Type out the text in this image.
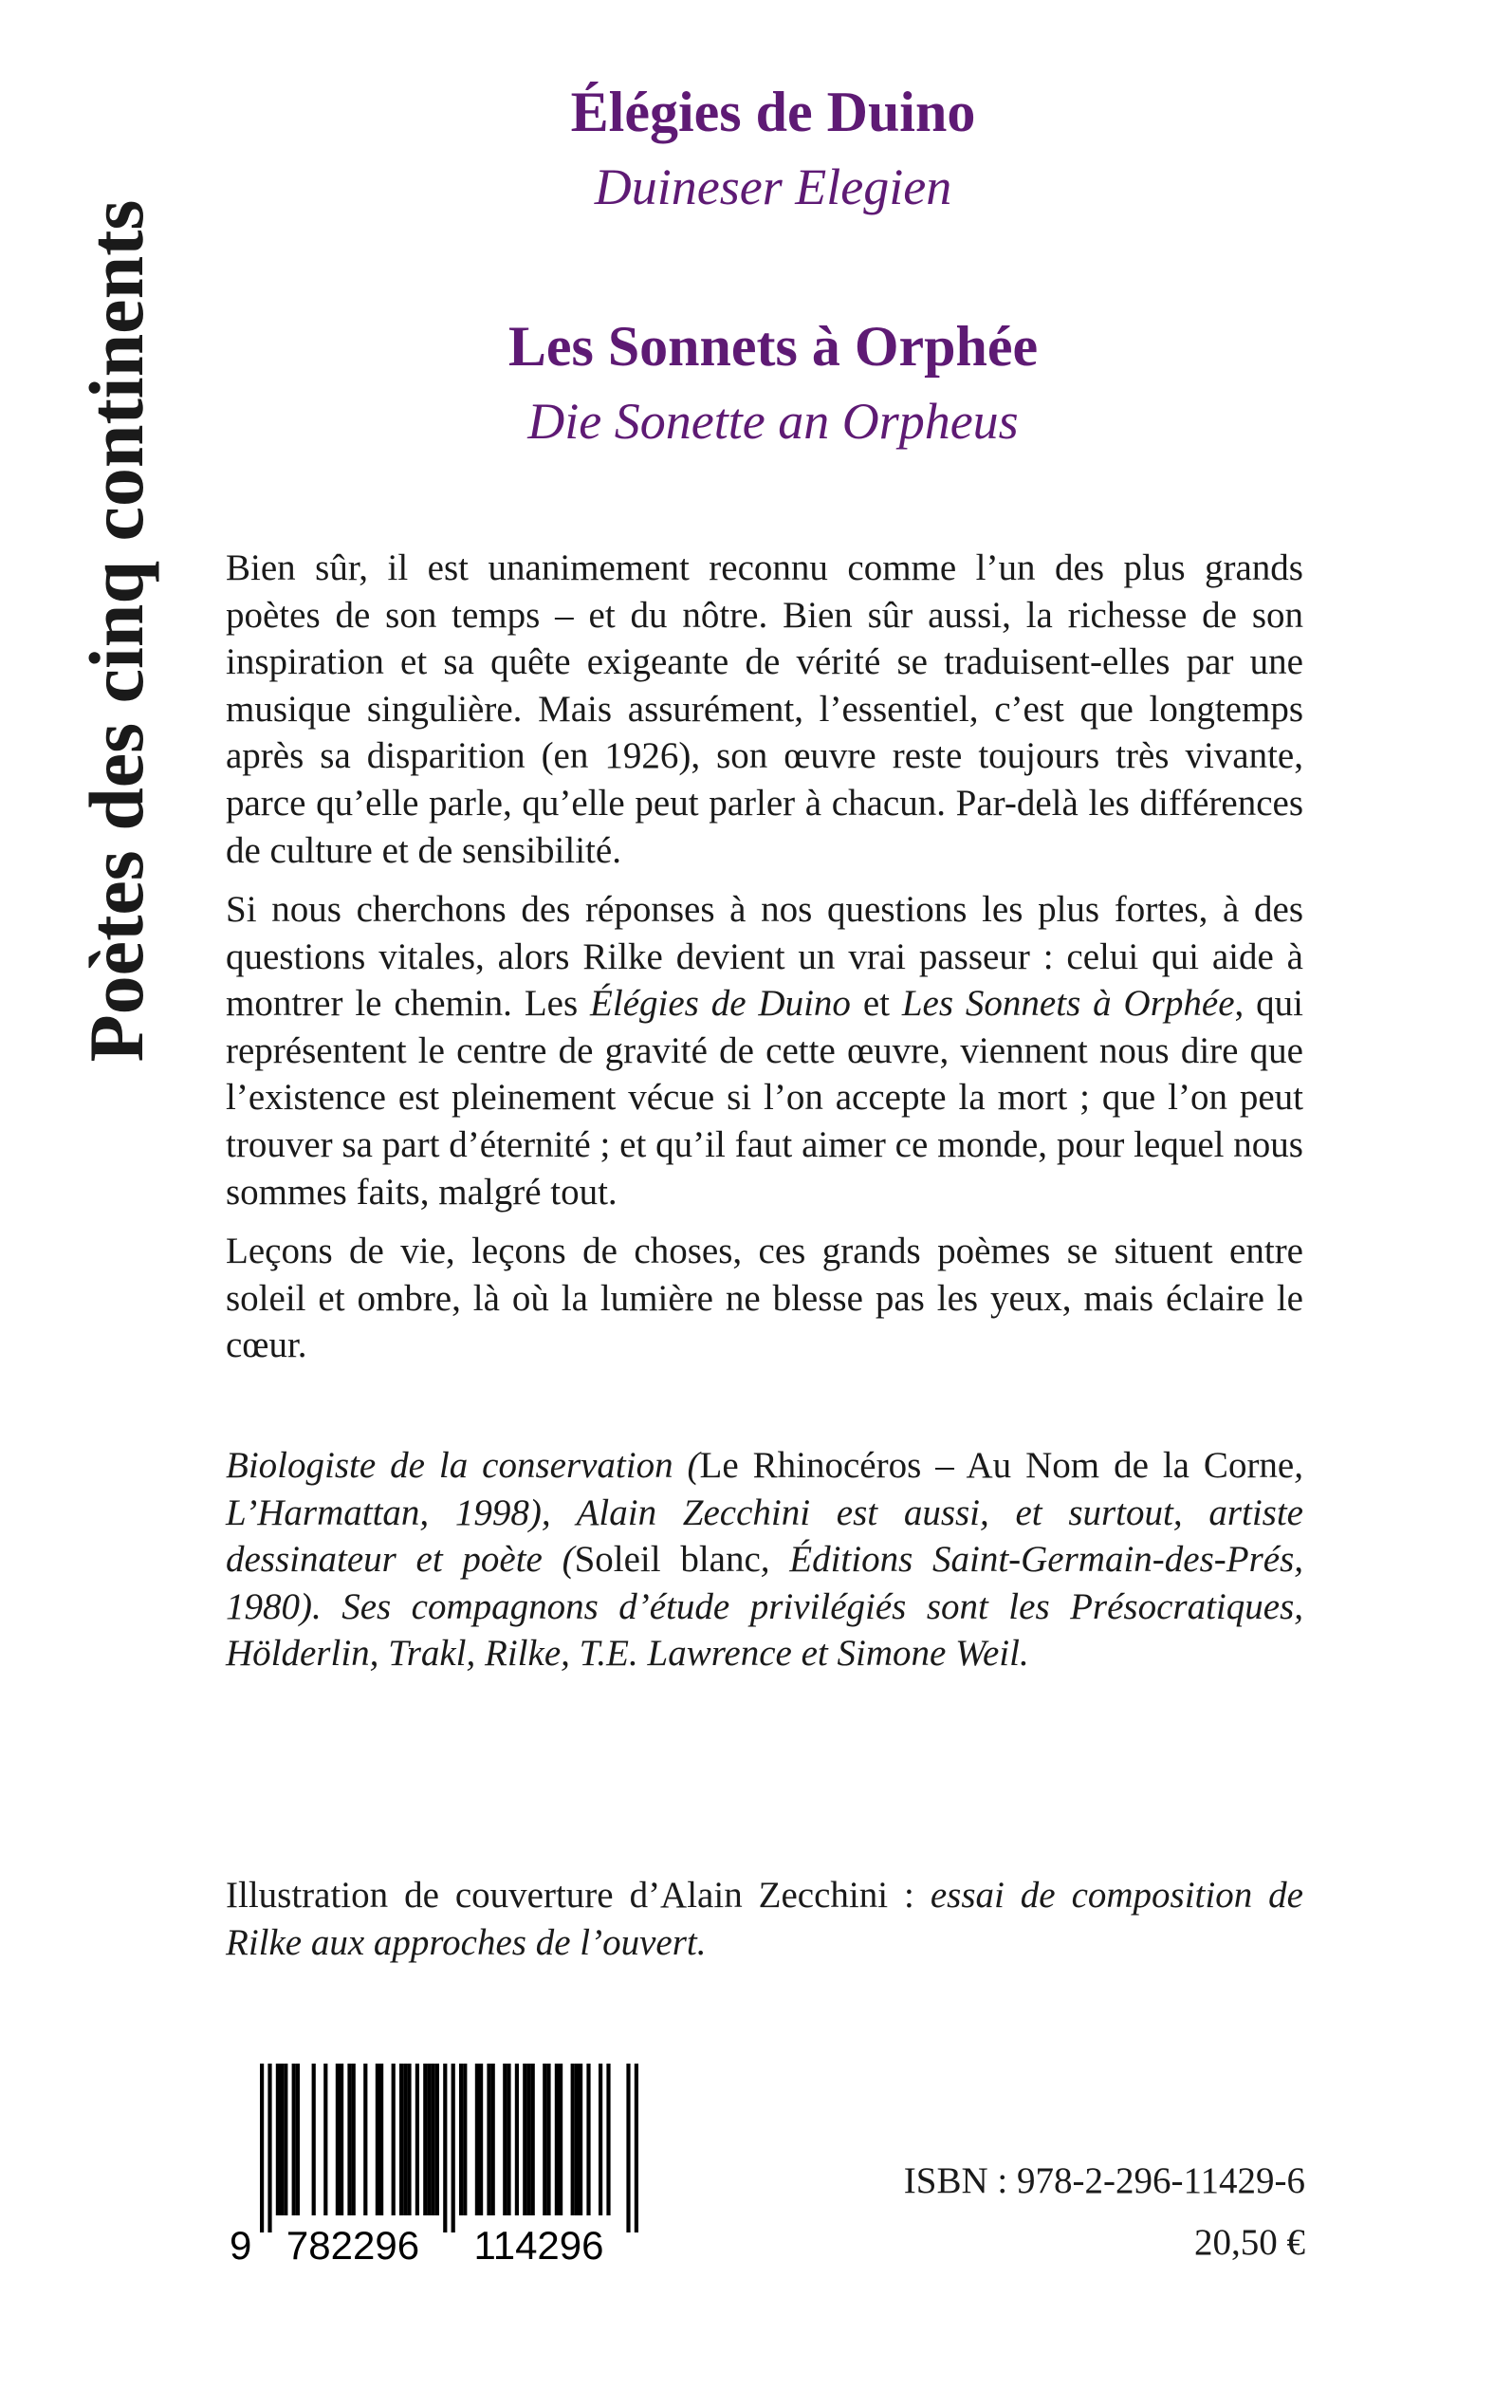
Poètes des cinq continents
Élégies de Duino
Duineser Elegien
Les Sonnets à Orphée
Die Sonette an Orpheus
Bien sûr, il est unanimement reconnu comme l’un des plus grands poètes de son temps – et du nôtre. Bien sûr aussi, la richesse de son inspiration et sa quête exigeante de vérité se traduisent-elles par une musique singulière. Mais assurément, l’essentiel, c’est que longtemps après sa disparition (en 1926), son œuvre reste toujours très vivante, parce qu’elle parle, qu’elle peut parler à chacun. Par-delà les différences de culture et de sensibilité.
Si nous cherchons des réponses à nos questions les plus fortes, à des questions vitales, alors Rilke devient un vrai passeur : celui qui aide à montrer le chemin. Les Élégies de Duino et Les Sonnets à Orphée, qui représentent le centre de gravité de cette œuvre, viennent nous dire que l’existence est pleinement vécue si l’on accepte la mort ; que l’on peut trouver sa part d’éternité ; et qu’il faut aimer ce monde, pour lequel nous sommes faits, malgré tout.
Leçons de vie, leçons de choses, ces grands poèmes se situent entre soleil et ombre, là où la lumière ne blesse pas les yeux, mais éclaire le cœur.
Biologiste de la conservation (Le Rhinocéros – Au Nom de la Corne, L’Harmattan, 1998), Alain Zecchini est aussi, et surtout, artiste dessinateur et poète (Soleil blanc, Éditions Saint-Germain-des-Prés, 1980). Ses compagnons d’étude privilégiés sont les Présocratiques, Hölderlin, Trakl, Rilke, T.E. Lawrence et Simone Weil.
Illustration de couverture d’Alain Zecchini : essai de composition de Rilke aux approches de l’ouvert.
9 782296 114296
ISBN : 978-2-296-11429-6
20,50 €
